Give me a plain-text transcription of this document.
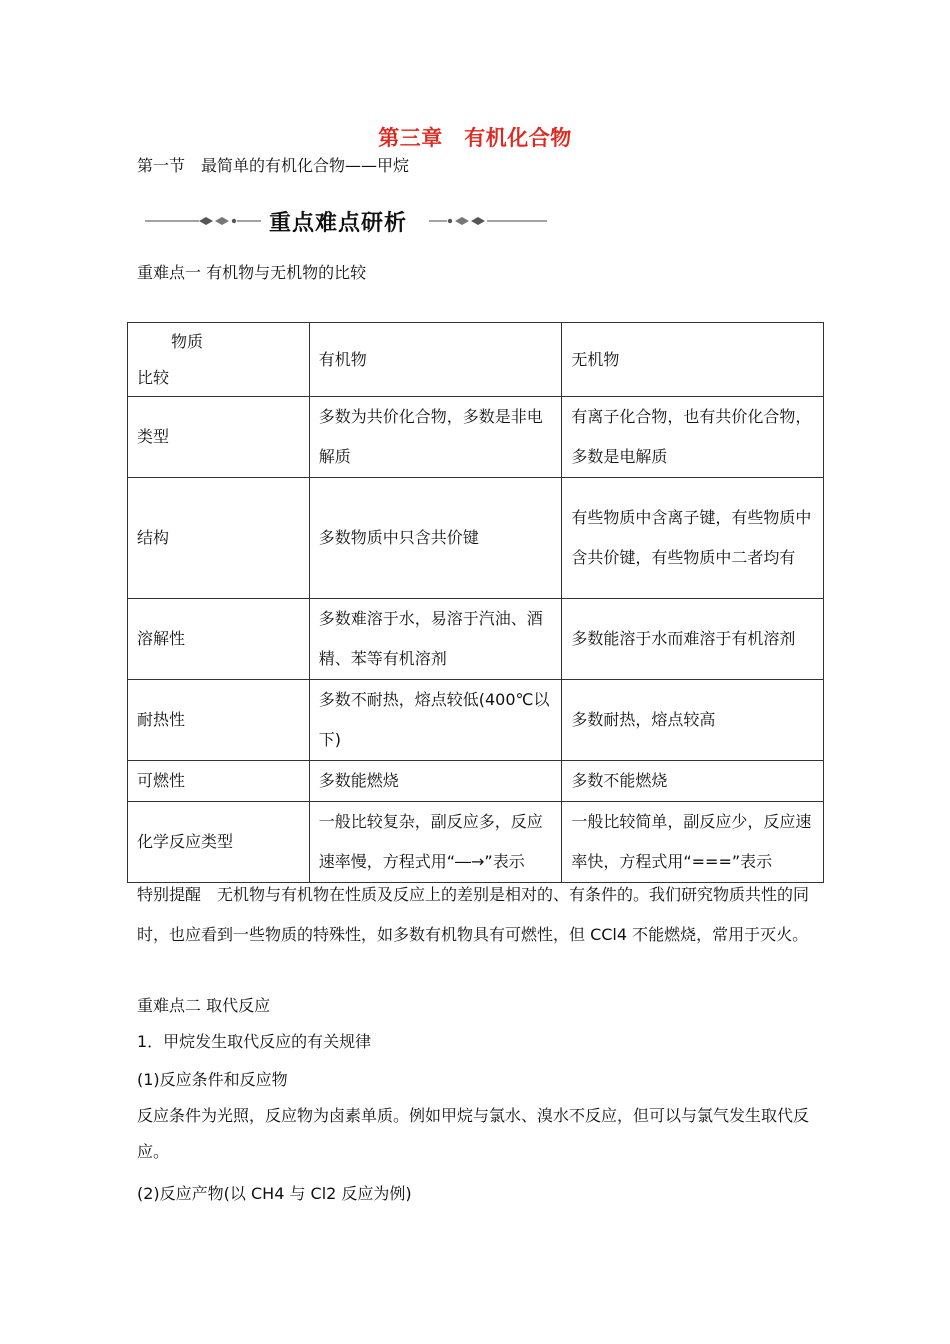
第三章　有机化合物
第一节　最简单的有机化合物——甲烷
重点难点研析
重难点一 有机物与无机物的比较
物质
比较	有机物	无机物
类型	多数为共价化合物，多数是非电解质	有离子化合物，也有共价化合物，多数是电解质
结构	多数物质中只含共价键	有些物质中含离子键，有些物质中含共价键，有些物质中二者均有
溶解性	多数难溶于水，易溶于汽油、酒精、苯等有机溶剂	多数能溶于水而难溶于有机溶剂
耐热性	多数不耐热，熔点较低(400℃以下)	多数耐热，熔点较高
可燃性	多数能燃烧	多数不能燃烧
化学反应类型	一般比较复杂，副反应多，反应速率慢，方程式用“―→”表示	一般比较简单，副反应少，反应速率快，方程式用“===”表示
特别提醒　无机物与有机物在性质及反应上的差别是相对的、有条件的。我们研究物质共性的同时，也应看到一些物质的特殊性，如多数有机物具有可燃性，但 CCl4 不能燃烧，常用于灭火。
重难点二 取代反应
1．甲烷发生取代反应的有关规律
(1)反应条件和反应物
反应条件为光照，反应物为卤素单质。例如甲烷与氯水、溴水不反应，但可以与氯气发生取代反应。
(2)反应产物(以 CH4 与 Cl2 反应为例)
